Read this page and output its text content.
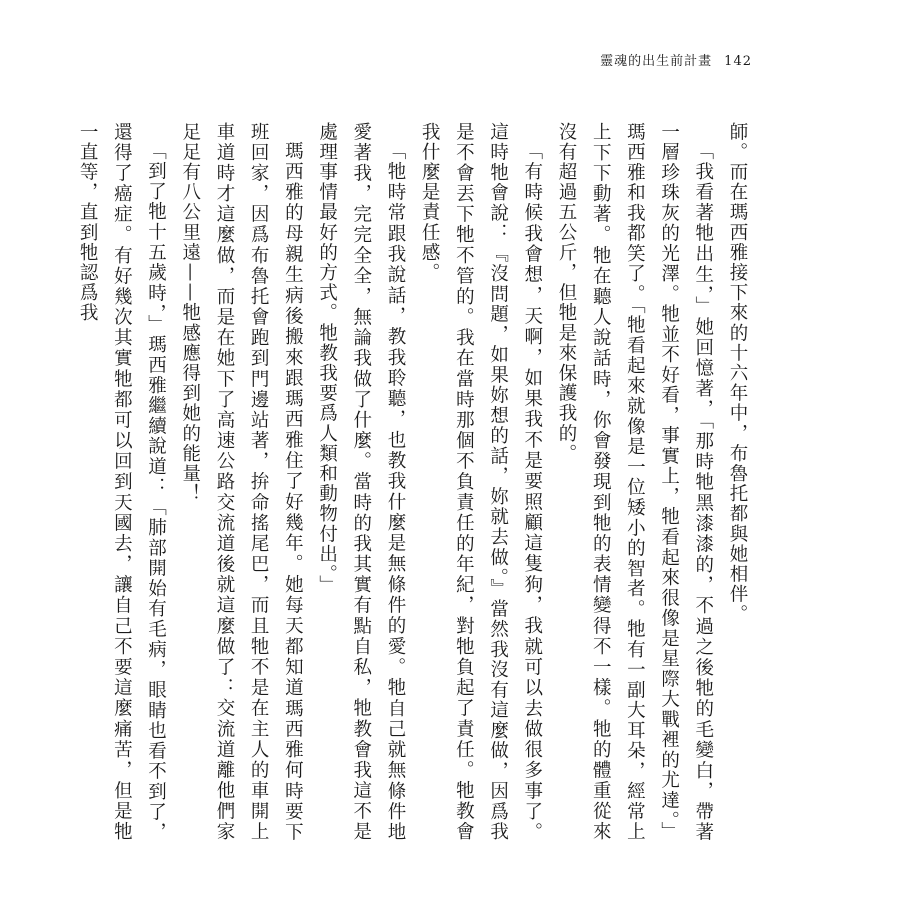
靈魂的出生前計畫 142

師。而在瑪西雅接下來的十六年中，布魯托都與她相伴。

「我看著牠出生，」她回憶著，「那時牠黑漆漆的，不過之後牠的毛變白，帶著一層珍珠灰的光澤。牠並不好看，事實上，牠看起來很像是星際大戰裡的尤達。」瑪西雅和我都笑了。「牠看起來就像是一位矮小的智者。牠有一副大耳朵，經常上上下下動著。牠在聽人說話時，你會發現到牠的表情變得不一樣。牠的體重從來沒有超過五公斤，但牠是來保護我的。

「有時候我會想，天啊，如果我不是要照顧這隻狗，我就可以去做很多事了。這時牠會說：『沒問題，如果妳想的話，妳就去做。』當然我沒有這麼做，因爲我是不會丟下牠不管的。我在當時那個不負責任的年紀，對牠負起了責任。牠教會我什麼是責任感。

「牠時常跟我說話，教我聆聽，也教我什麼是無條件的愛。牠自己就無條件地愛著我，完完全全，無論我做了什麼。當時的我其實有點自私，牠教會我這不是處理事情最好的方式。牠教我要爲人類和動物付出。」

瑪西雅的母親生病後搬來跟瑪西雅住了好幾年。她每天都知道瑪西雅何時要下班回家，因爲布魯托會跑到門邊站著，拚命搖尾巴，而且牠不是在主人的車開上車道時才這麼做，而是在她下了高速公路交流道後就這麼做了：交流道離他們家足足有八公里遠——牠感應得到她的能量！

「到了牠十五歲時，」瑪西雅繼續說道：「肺部開始有毛病，眼睛也看不到了，還得了癌症。有好幾次其實牠都可以回到天國去，讓自己不要這麼痛苦，但是牠一直等，直到牠認爲我
